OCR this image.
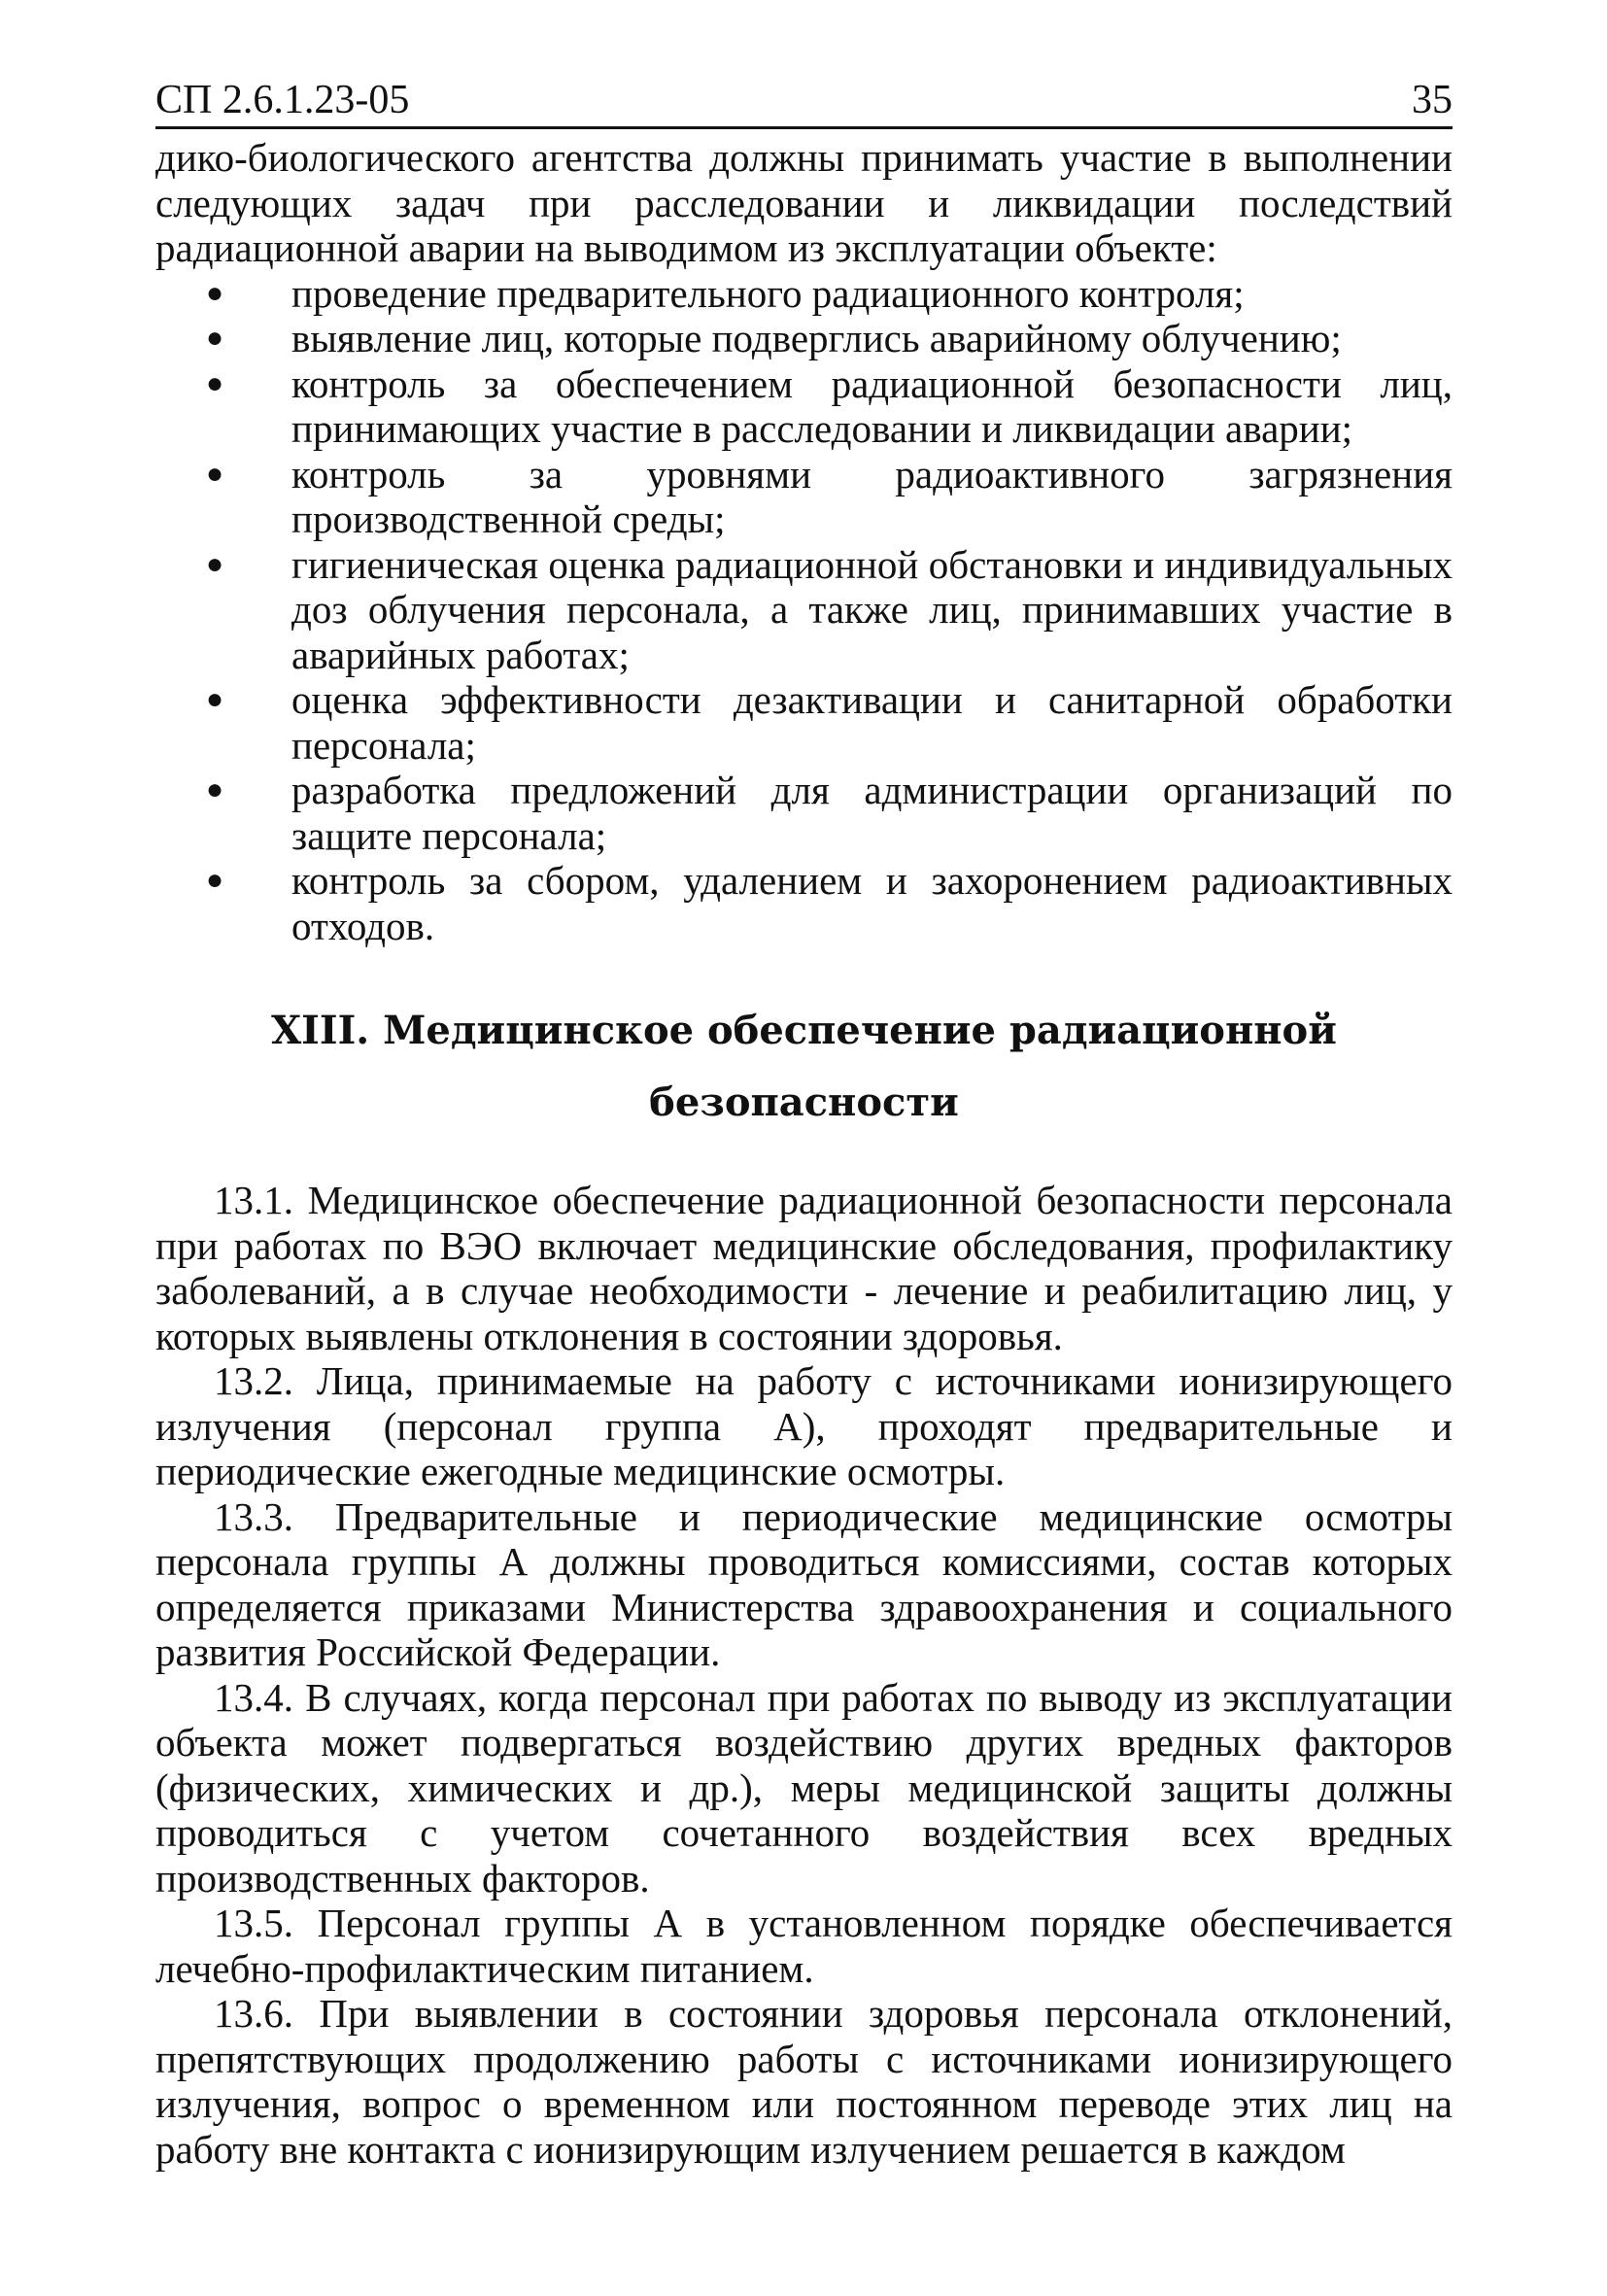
СП 2.6.1.23-05	35

дико-биологического агентства должны принимать участие в выполнении следующих задач при расследовании и ликвидации последствий радиационной аварии на выводимом из эксплуатации объекте:

● проведение предварительного радиационного контроля;
● выявление лиц, которые подверглись аварийному облучению;
● контроль за обеспечением радиационной безопасности лиц, принимающих участие в расследовании и ликвидации аварии;
● контроль за уровнями радиоактивного загрязнения производственной среды;
● гигиеническая оценка радиационной обстановки и индивидуальных доз облучения персонала, а также лиц, принимавших участие в аварийных работах;
● оценка эффективности дезактивации и санитарной обработки персонала;
● разработка предложений для администрации организаций по защите персонала;
● контроль за сбором, удалением и захоронением радиоактивных отходов.
XIII. Медицинское обеспечение радиационной
безопасности

13.1. Медицинское обеспечение радиационной безопасности персонала при работах по ВЭО включает медицинские обследования, профилактику заболеваний, а в случае необходимости - лечение и реабилитацию лиц, у которых выявлены отклонения в состоянии здоровья.

13.2. Лица, принимаемые на работу с источниками ионизирующего излучения (персонал группа А), проходят предварительные и периодические ежегодные медицинские осмотры.

13.3. Предварительные и периодические медицинские осмотры персонала группы А должны проводиться комиссиями, состав которых определяется приказами Министерства здравоохранения и социального развития Российской Федерации.

13.4. В случаях, когда персонал при работах по выводу из эксплуатации объекта может подвергаться воздействию других вредных факторов (физических, химических и др.), меры медицинской защиты должны проводиться с учетом сочетанного воздействия всех вредных производственных факторов.

13.5. Персонал группы А в установленном порядке обеспечивается лечебно-профилактическим питанием.

13.6. При выявлении в состоянии здоровья персонала отклонений, препятствующих продолжению работы с источниками ионизирующего излучения, вопрос о временном или постоянном переводе этих лиц на работу вне контакта с ионизирующим излучением решается в каждом
